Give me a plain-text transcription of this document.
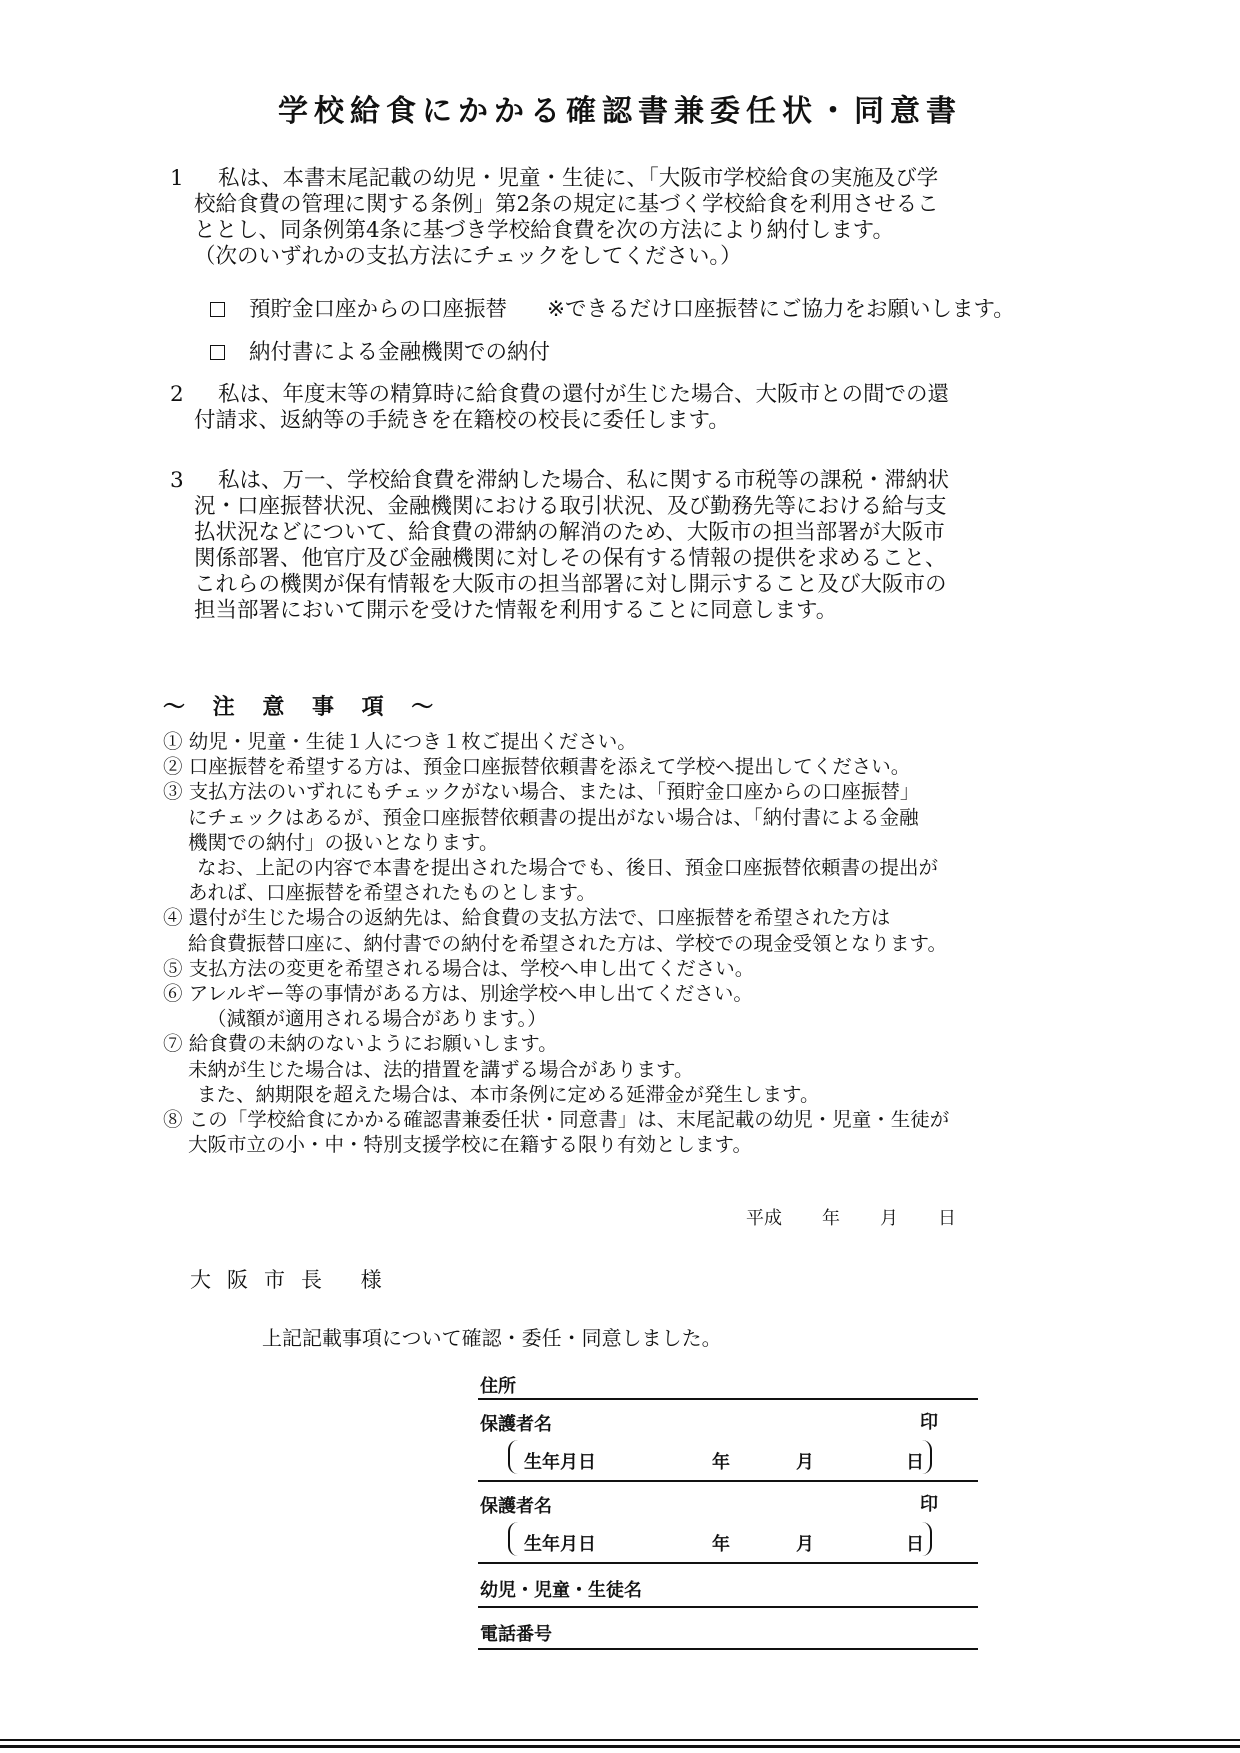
学校給食にかかる確認書兼委任状・同意書
1	私は、本書末尾記載の幼児・児童・生徒に、「大阪市学校給食の実施及び学
校給食費の管理に関する条例」第2条の規定に基づく学校給食を利用させるこ
ととし、同条例第4条に基づき学校給食費を次の方法により納付します。
（次のいずれかの支払方法にチェックをしてください。）
預貯金口座からの口座振替 ※できるだけ口座振替にご協力をお願いします。
納付書による金融機関での納付
2	私は、年度末等の精算時に給食費の還付が生じた場合、大阪市との間での還
付請求、返納等の手続きを在籍校の校長に委任します。
3	私は、万一、学校給食費を滞納した場合、私に関する市税等の課税・滞納状
況・口座振替状況、金融機関における取引状況、及び勤務先等における給与支
払状況などについて、給食費の滞納の解消のため、大阪市の担当部署が大阪市
関係部署、他官庁及び金融機関に対しその保有する情報の提供を求めること、
これらの機関が保有情報を大阪市の担当部署に対し開示すること及び大阪市の
担当部署において開示を受けた情報を利用することに同意します。
～ 注 意 事 項 ～
① 幼児・児童・生徒１人につき１枚ご提出ください。
② 口座振替を希望する方は、預金口座振替依頼書を添えて学校へ提出してください。
③ 支払方法のいずれにもチェックがない場合、または、「預貯金口座からの口座振替」
にチェックはあるが、預金口座振替依頼書の提出がない場合は、「納付書による金融
機関での納付」の扱いとなります。
なお、上記の内容で本書を提出された場合でも、後日、預金口座振替依頼書の提出が
あれば、口座振替を希望されたものとします。
④ 還付が生じた場合の返納先は、給食費の支払方法で、口座振替を希望された方は
給食費振替口座に、納付書での納付を希望された方は、学校での現金受領となります。
⑤ 支払方法の変更を希望される場合は、学校へ申し出てください。
⑥ アレルギー等の事情がある方は、別途学校へ申し出てください。
（減額が適用される場合があります。）
⑦ 給食費の未納のないようにお願いします。
未納が生じた場合は、法的措置を講ずる場合があります。
また、納期限を超えた場合は、本市条例に定める延滞金が発生します。
⑧ この「学校給食にかかる確認書兼委任状・同意書」は、末尾記載の幼児・児童・生徒が
大阪市立の小・中・特別支援学校に在籍する限り有効とします。
平成 年 月 日
大阪市長 様
上記記載事項について確認・委任・同意しました。
住所
保護者名	印
生年月日	年	月	日
保護者名	印
生年月日	年	月	日
幼児・児童・生徒名
電話番号
